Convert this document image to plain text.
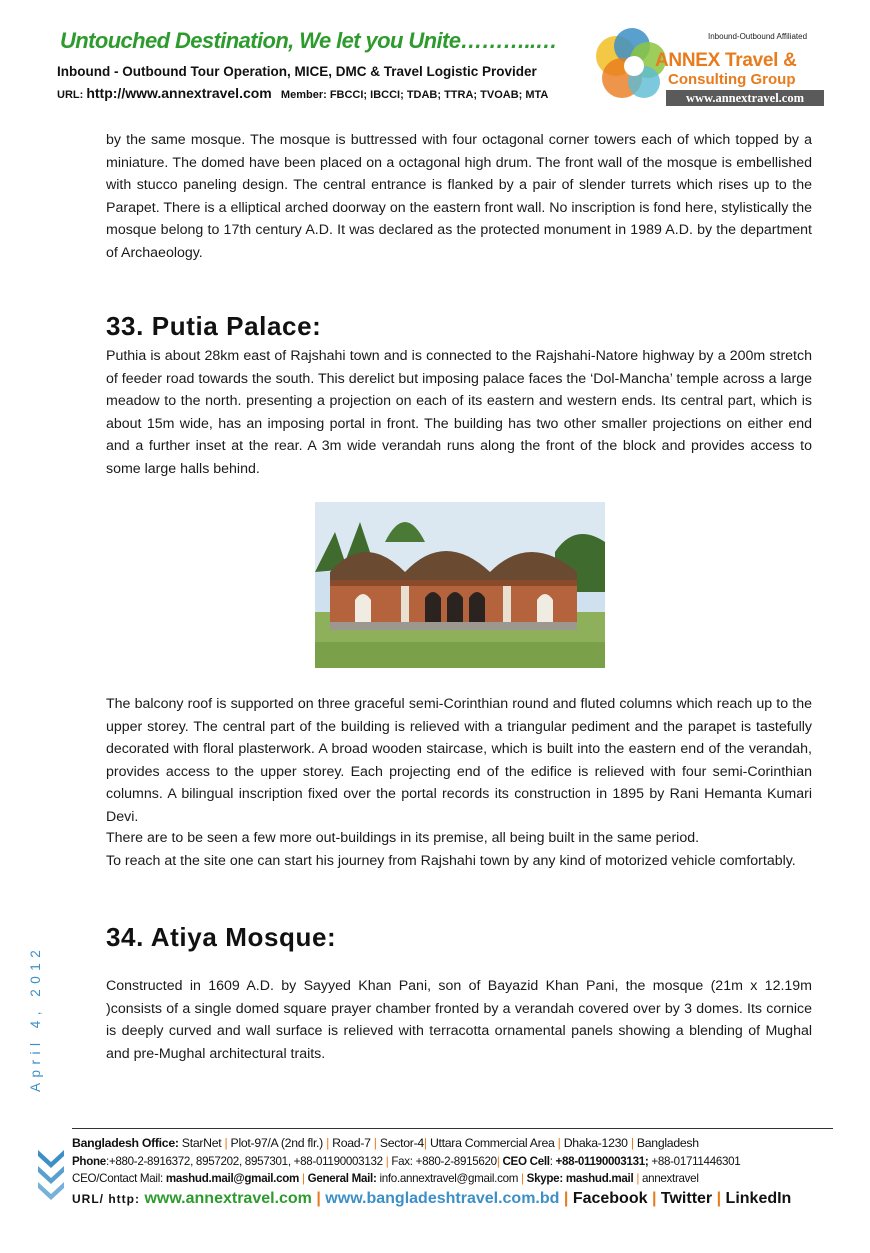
Untouched Destination, We let you Unite………..…
Inbound - Outbound Tour Operation, MICE, DMC & Travel Logistic Provider
URL: http://www.annextravel.com Member: FBCCI; IBCCI; TDAB; TTRA; TVOAB; MTA
Inbound-Outbound Affiliated
ANNEX Travel &
Consulting Group
www.annextravel.com
by the same mosque. The mosque is buttressed with four octagonal corner towers each of which topped by a miniature. The domed have been placed on a octagonal high drum. The front wall of the mosque is embellished with stucco paneling design. The central entrance is flanked by a pair of slender turrets which rises up to the Parapet. There is a elliptical arched doorway on the eastern front wall. No inscription is fond here, stylistically the mosque belong to 17th century A.D. It was declared as the protected monument in 1989 A.D. by the department of Archaeology.
33. Putia Palace:
Puthia is about 28km east of Rajshahi town and is connected to the Rajshahi-Natore highway by a 200m stretch of feeder road towards the south. This derelict but imposing palace faces the ‘Dol-Mancha’ temple across a large meadow to the north. presenting a projection on each of its eastern and western ends. Its central part, which is about 15m wide, has an imposing portal in front. The building has two other smaller projections on either end and a further inset at the rear. A 3m wide verandah runs along the front of the block and provides access to some large halls behind.
The balcony roof is supported on three graceful semi-Corinthian round and fluted columns which reach up to the upper storey. The central part of the building is relieved with a triangular pediment and the parapet is tastefully decorated with floral plasterwork. A broad wooden staircase, which is built into the eastern end of the verandah, provides access to the upper storey. Each projecting end of the edifice is relieved with four semi-Corinthian columns. A bilingual inscription fixed over the portal records its construction in 1895 by Rani Hemanta Kumari Devi.
There are to be seen a few more out-buildings in its premise, all being built in the same period.
To reach at the site one can start his journey from Rajshahi town by any kind of motorized vehicle comfortably.
34. Atiya Mosque:
Constructed in 1609 A.D. by Sayyed Khan Pani, son of Bayazid Khan Pani, the mosque (21m x 12.19m )consists of a single domed square prayer chamber fronted by a verandah covered over by 3 domes. Its cornice is deeply curved and wall surface is relieved with terracotta ornamental panels showing a blending of Mughal and pre-Mughal architectural traits.
April 4, 2012
Bangladesh Office: StarNet | Plot-97/A (2nd flr.) | Road-7 | Sector-4| Uttara Commercial Area | Dhaka-1230 | Bangladesh
Phone:+880-2-8916372, 8957202, 8957301, +88-01190003132 | Fax: +880-2-8915620| CEO Cell: +88-01190003131; +88-01711446301
CEO/Contact Mail: mashud.mail@gmail.com | General Mail: info.annextravel@gmail.com | Skype: mashud.mail | annextravel
URL/ http: www.annextravel.com | www.bangladeshtravel.com.bd | Facebook | Twitter | LinkedIn
